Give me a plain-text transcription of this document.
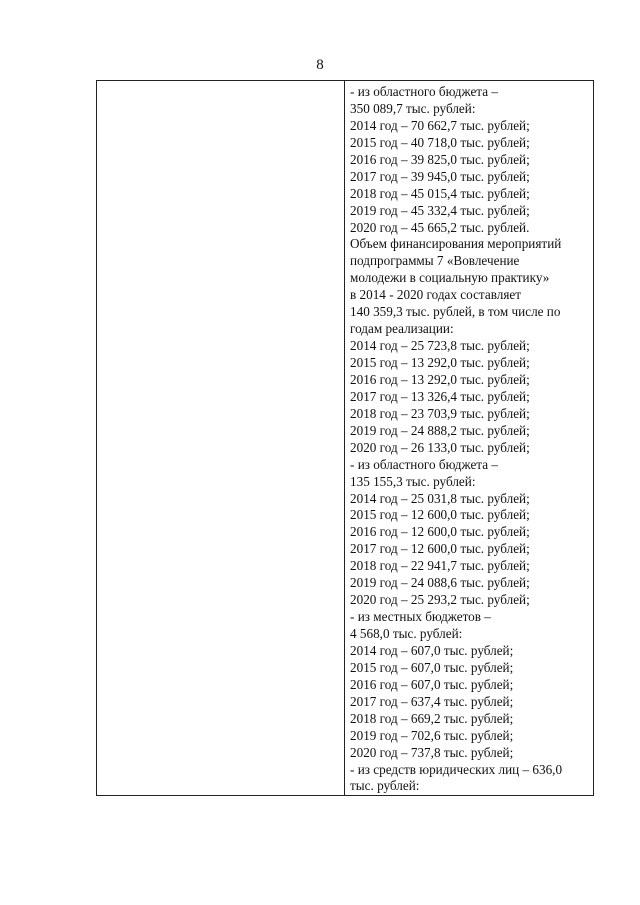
8
- из областного бюджета –
350 089,7 тыс. рублей:
2014 год – 70 662,7 тыс. рублей;
2015 год – 40 718,0 тыс. рублей;
2016 год – 39 825,0 тыс. рублей;
2017 год – 39 945,0 тыс. рублей;
2018 год – 45 015,4 тыс. рублей;
2019 год – 45 332,4 тыс. рублей;
2020 год – 45 665,2 тыс. рублей.
Объем финансирования мероприятий
подпрограммы 7 «Вовлечение
молодежи в социальную практику»
в 2014 - 2020 годах составляет
140 359,3 тыс. рублей, в том числе по
годам реализации:
2014 год – 25 723,8 тыс. рублей;
2015 год – 13 292,0 тыс. рублей;
2016 год – 13 292,0 тыс. рублей;
2017 год – 13 326,4 тыс. рублей;
2018 год – 23 703,9 тыс. рублей;
2019 год – 24 888,2 тыс. рублей;
2020 год – 26 133,0 тыс. рублей;
- из областного бюджета –
135 155,3 тыс. рублей:
2014 год – 25 031,8 тыс. рублей;
2015 год – 12 600,0 тыс. рублей;
2016 год – 12 600,0 тыс. рублей;
2017 год – 12 600,0 тыс. рублей;
2018 год – 22 941,7 тыс. рублей;
2019 год – 24 088,6 тыс. рублей;
2020 год – 25 293,2 тыс. рублей;
- из местных бюджетов –
4 568,0 тыс. рублей:
2014 год – 607,0 тыс. рублей;
2015 год – 607,0 тыс. рублей;
2016 год – 607,0 тыс. рублей;
2017 год – 637,4 тыс. рублей;
2018 год – 669,2 тыс. рублей;
2019 год – 702,6 тыс. рублей;
2020 год – 737,8 тыс. рублей;
- из средств юридических лиц – 636,0
тыс. рублей:
